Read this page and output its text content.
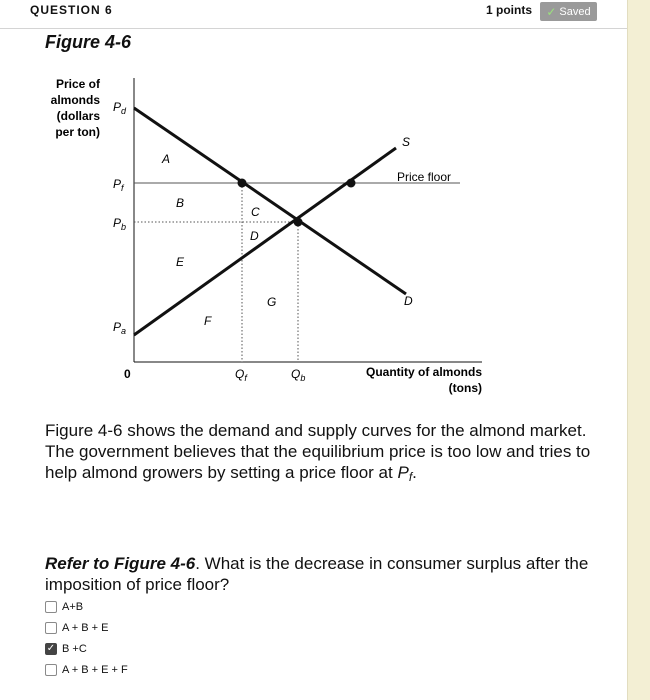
QUESTION 6	1 points ✓ Saved
Figure 4-6
Price of
almonds
(dollars
per ton)
$P_d$
$P_f$
$P_b$
$P_a$
0	$Q_f$	$Q_b$	Quantity of almonds
(tons)
S
D
Price floor
A
B
C
D
E
F
G
Figure 4-6 shows the demand and supply curves for the almond market. The government believes that the equilibrium price is too low and tries to help almond growers by setting a price floor at $P_f$.
Refer to Figure 4-6. What is the decrease in consumer surplus after the imposition of price floor?
A+B
A + B + E
✓
B +C
A + B + E + F
